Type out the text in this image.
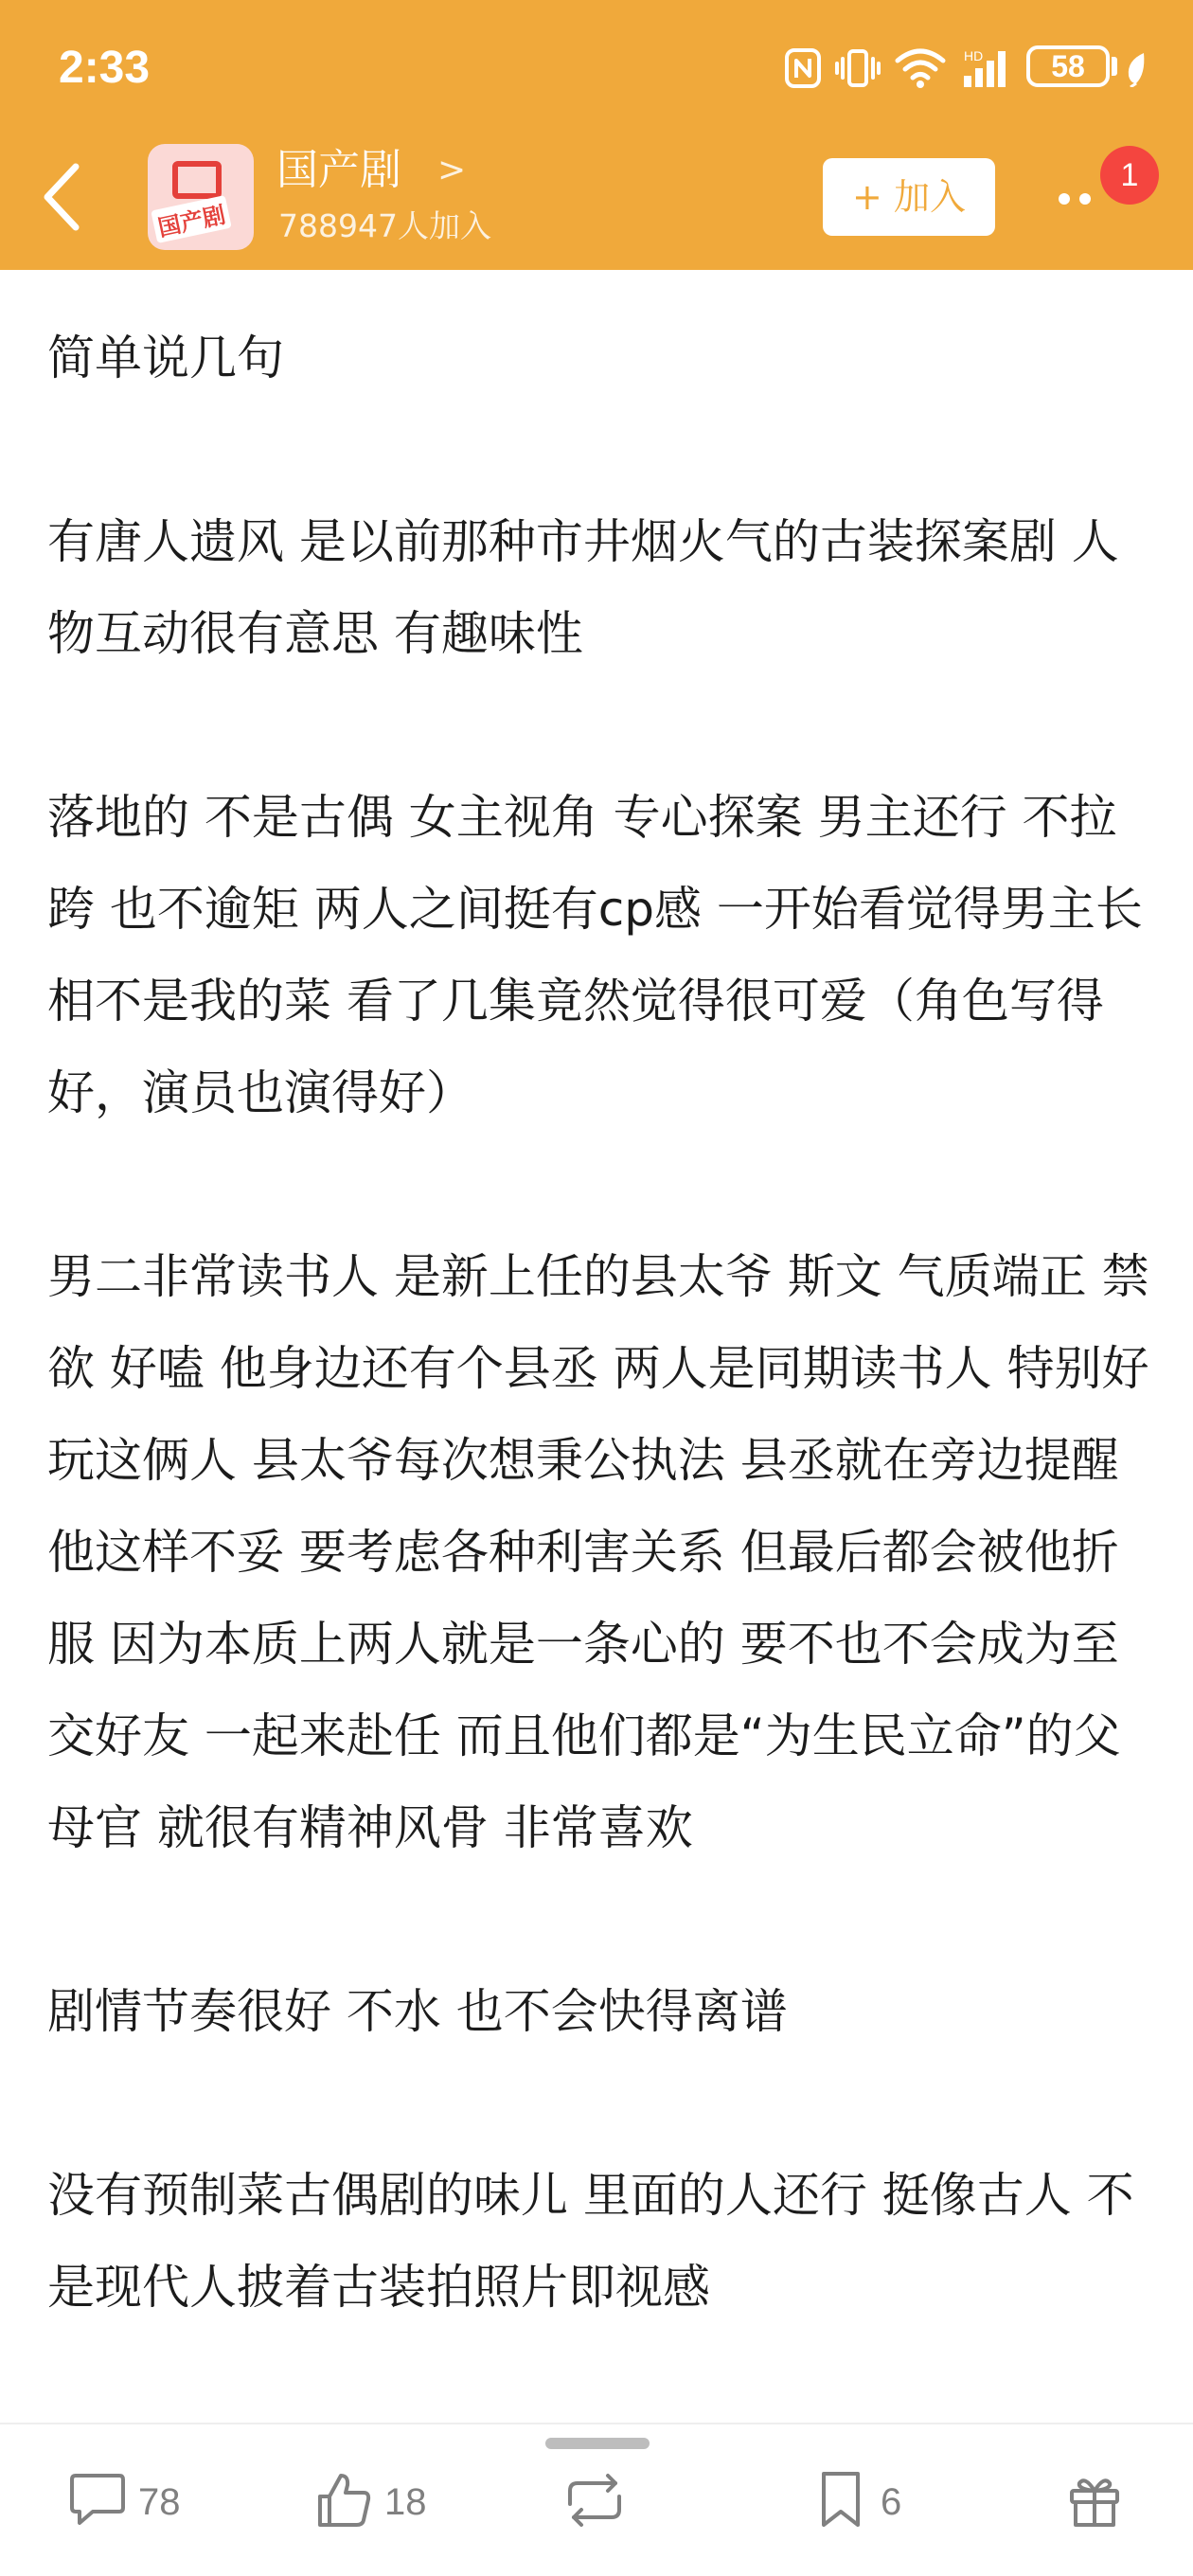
2:33	HD	58
国产剧
国产剧 >
788947人加入
+ 加入
1

简单说几句

有唐人遗风 是以前那种市井烟火气的古装探案剧 人物互动很有意思 有趣味性

落地的 不是古偶 女主视角 专心探案 男主还行 不拉跨 也不逾矩 两人之间挺有cp感 一开始看觉得男主长相不是我的菜 看了几集竟然觉得很可爱（角色写得好，演员也演得好）

男二非常读书人 是新上任的县太爷 斯文 气质端正 禁欲 好嗑 他身边还有个县丞 两人是同期读书人 特别好玩这俩人 县太爷每次想秉公执法 县丞就在旁边提醒他这样不妥 要考虑各种利害关系 但最后都会被他折服 因为本质上两人就是一条心的 要不也不会成为至交好友 一起来赴任 而且他们都是“为生民立命”的父母官 就很有精神风骨 非常喜欢

剧情节奏很好 不水 也不会快得离谱

没有预制菜古偶剧的味儿 里面的人还行 挺像古人 不是现代人披着古装拍照片即视感

78	18	6
